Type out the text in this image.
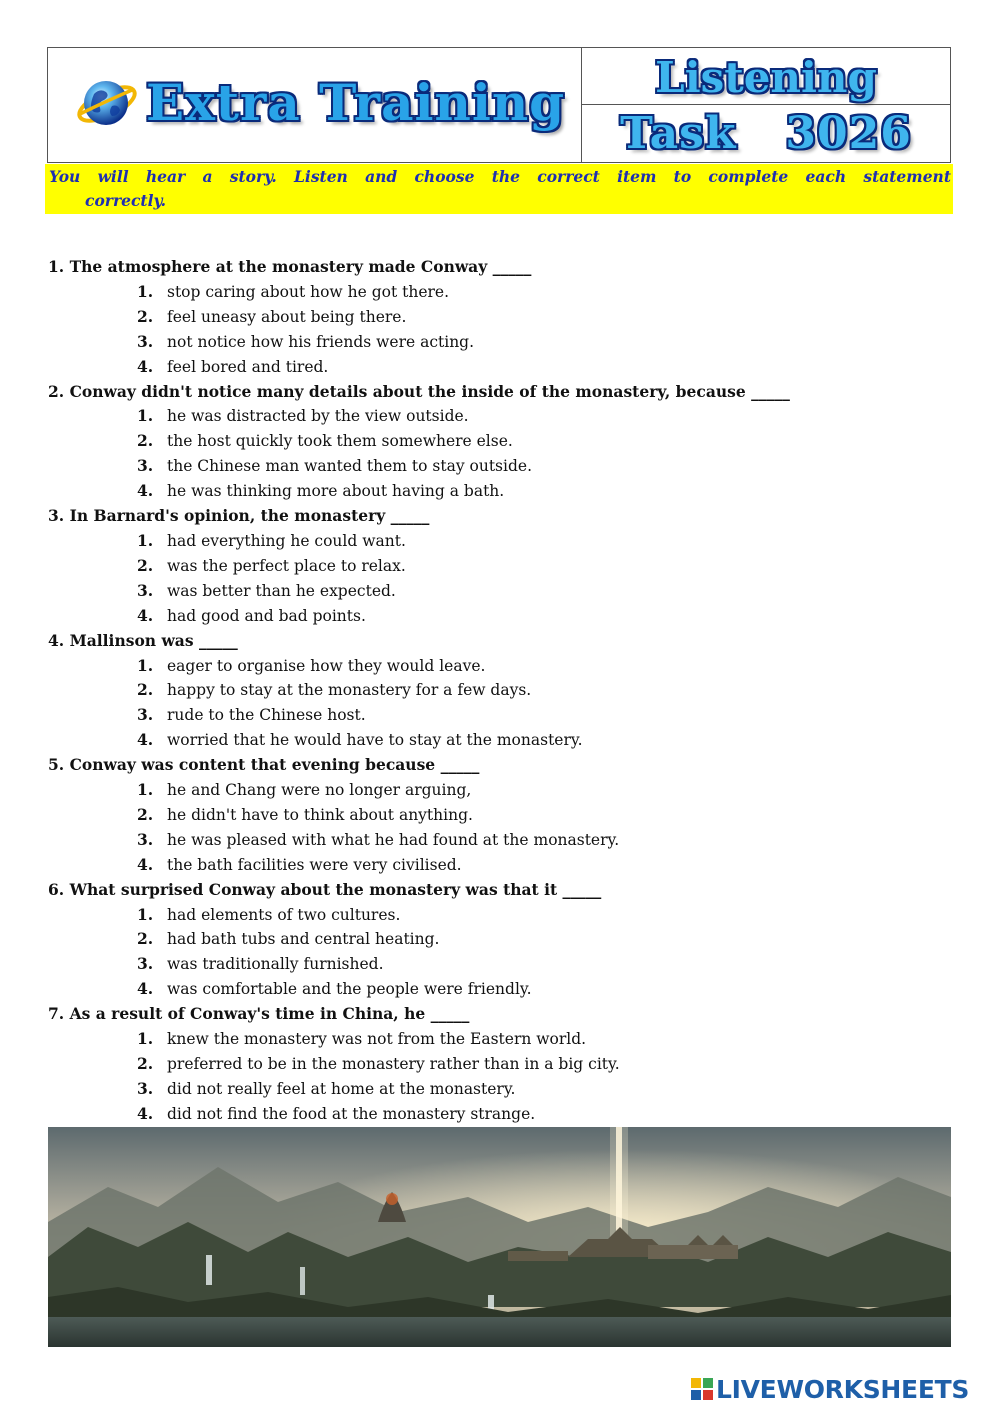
Extra Training	Listening
Task   3026
You will hear a story. Listen and choose the correct item to complete each statement
correctly.
1. The atmosphere at the monastery made Conway _____
1. stop caring about how he got there.
2. feel uneasy about being there.
3. not notice how his friends were acting.
4. feel bored and tired.
2. Conway didn't notice many details about the inside of the monastery, because _____
1. he was distracted by the view outside.
2. the host quickly took them somewhere else.
3. the Chinese man wanted them to stay outside.
4. he was thinking more about having a bath.
3. In Barnard's opinion, the monastery _____
1. had everything he could want.
2. was the perfect place to relax.
3. was better than he expected.
4. had good and bad points.
4. Mallinson was _____
1. eager to organise how they would leave.
2. happy to stay at the monastery for a few days.
3. rude to the Chinese host.
4. worried that he would have to stay at the monastery.
5. Conway was content that evening because _____
1. he and Chang were no longer arguing,
2. he didn't have to think about anything.
3. he was pleased with what he had found at the monastery.
4. the bath facilities were very civilised.
6. What surprised Conway about the monastery was that it _____
1. had elements of two cultures.
2. had bath tubs and central heating.
3. was traditionally furnished.
4. was comfortable and the people were friendly.
7. As a result of Conway's time in China, he _____
1. knew the monastery was not from the Eastern world.
2. preferred to be in the monastery rather than in a big city.
3. did not really feel at home at the monastery.
4. did not find the food at the monastery strange.
LIVEWORKSHEETS
